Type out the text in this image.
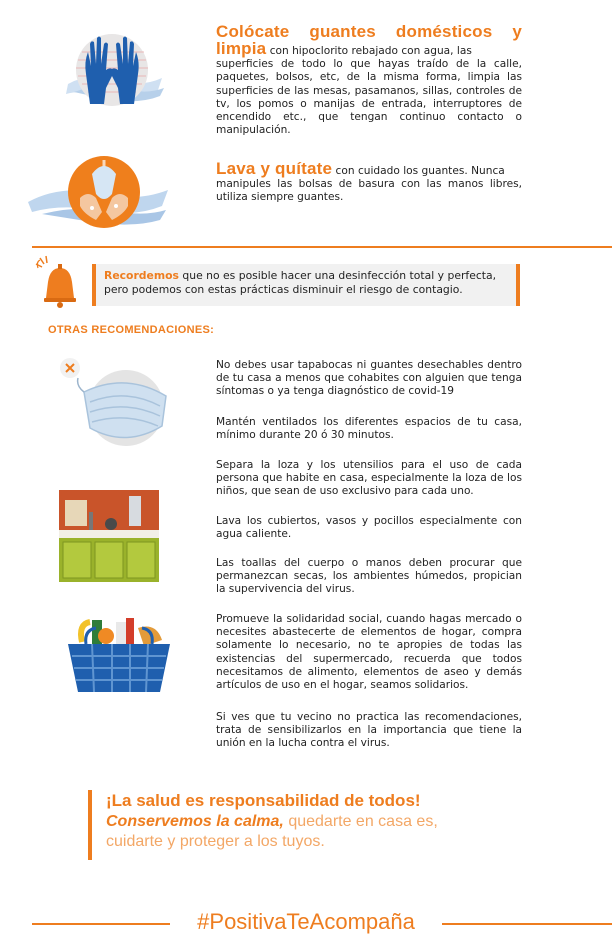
Colócate guantes domésticos y
limpia con hipoclorito rebajado con agua, las
superficies de todo lo que hayas traído de la calle,
paquetes, bolsos, etc, de la misma forma, limpia las
superficies de las mesas, pasamanos, sillas, controles de
tv, los pomos o manijas de entrada, interruptores de
encendido etc., que tengan continuo contacto o
manipulación.
Lava y quítate con cuidado los guantes. Nunca
manipules las bolsas de basura con las manos libres,
utiliza siempre guantes.
Recordemos que no es posible hacer una desinfección total y perfecta, pero podemos con estas prácticas disminuir el riesgo de contagio.
OTRAS RECOMENDACIONES:
No debes usar tapabocas ni guantes desechables dentro de tu casa a menos que cohabites con alguien que tenga síntomas o ya tenga diagnóstico de covid-19
Mantén ventilados los diferentes espacios de tu casa, mínimo durante 20 ó 30 minutos.
Separa la loza y los utensilios para el uso de cada persona que habite en casa, especialmente la loza de los niños, que sean de uso exclusivo para cada uno.
Lava los cubiertos, vasos y pocillos especialmente con agua caliente.
Las toallas del cuerpo o manos deben procurar que permanezcan secas, los ambientes húmedos, propician la supervivencia del virus.
Promueve la solidaridad social, cuando hagas mercado o necesites abastecerte de elementos de hogar, compra solamente lo necesario, no te apropies de todas las existencias del supermercado, recuerda que todos necesitamos de alimento, elementos de aseo y demás artículos de uso en el hogar, seamos solidarios.
Si ves que tu vecino no practica las recomendaciones, trata de sensibilizarlos en la importancia que tiene la unión en la lucha contra el virus.
¡La salud es responsabilidad de todos!
Conservemos la calma, quedarte en casa es,
cuidarte y proteger a los tuyos.
#PositivaTeAcompaña
